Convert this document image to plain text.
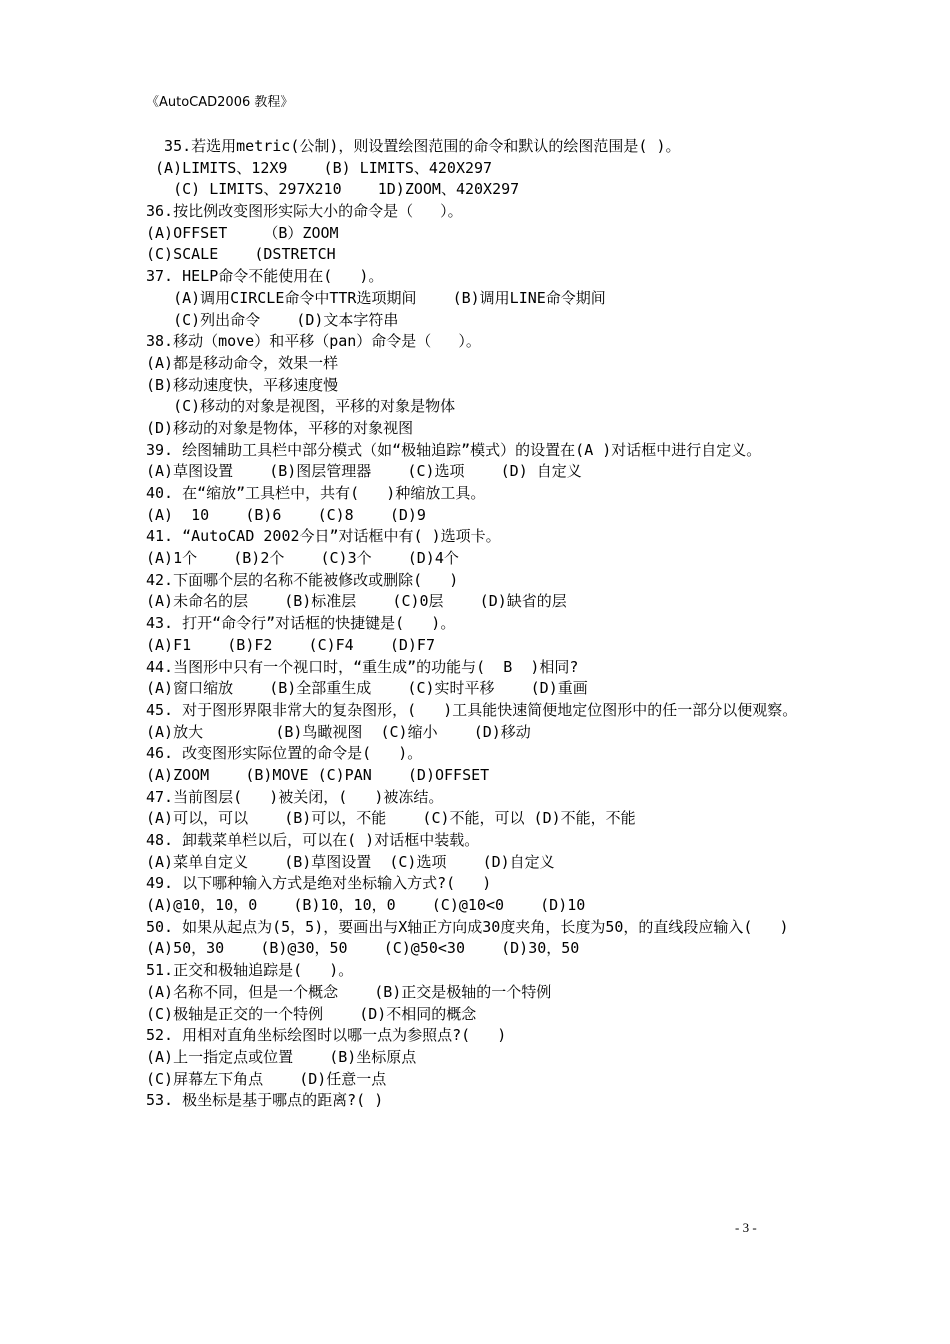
《AutoCAD2006 教程》
35.若选用metric(公制)，则设置绘图范围的命令和默认的绘图范围是( )。
(A)LIMITS、12X9    (B) LIMITS、420X297
(C) LIMITS、297X210    1D)ZOOM、420X297
36.按比例改变图形实际大小的命令是（   ）。
(A)OFFSET    （B）ZOOM
(C)SCALE    (DSTRETCH
37. HELP命令不能使用在(   )。
(A)调用CIRCLE命令中TTR选项期间    (B)调用LINE命令期间
(C)列出命令    (D)文本字符串
38.移动（move）和平移（pan）命令是（   ）。
(A)都是移动命令，效果一样
(B)移动速度快，平移速度慢
(C)移动的对象是视图，平移的对象是物体
(D)移动的对象是物体，平移的对象视图
39. 绘图辅助工具栏中部分模式（如“极轴追踪”模式）的设置在(A )对话框中进行自定义。
(A)草图设置    (B)图层管理器    (C)选项    (D) 自定义
40. 在“缩放”工具栏中，共有(   )种缩放工具。
(A)  10    (B)6    (C)8    (D)9
41. “AutoCAD 2002今日”对话框中有( )选项卡。
(A)1个    (B)2个    (C)3个    (D)4个
42.下面哪个层的名称不能被修改或删除(   )
(A)未命名的层    (B)标准层    (C)0层    (D)缺省的层
43. 打开“命令行”对话框的快捷键是(   )。
(A)F1    (B)F2    (C)F4    (D)F7
44.当图形中只有一个视口时，“重生成”的功能与(  B  )相同?
(A)窗口缩放    (B)全部重生成    (C)实时平移    (D)重画
45. 对于图形界限非常大的复杂图形，(   )工具能快速简便地定位图形中的任一部分以便观察。
(A)放大        (B)鸟瞰视图  (C)缩小    (D)移动
46. 改变图形实际位置的命令是(   )。
(A)ZOOM    (B)MOVE (C)PAN    (D)OFFSET
47.当前图层(   )被关闭，(   )被冻结。
(A)可以，可以    (B)可以，不能    (C)不能，可以 (D)不能，不能
48. 卸载菜单栏以后，可以在( )对话框中装载。
(A)菜单自定义    (B)草图设置  (C)选项    (D)自定义
49. 以下哪种输入方式是绝对坐标输入方式?(   )
(A)@10，10，0    (B)10，10，0    (C)@10<0    (D)10
50. 如果从起点为(5，5)，要画出与X轴正方向成30度夹角，长度为50，的直线段应输入(   )
(A)50，30    (B)@30，50    (C)@50<30    (D)30，50
51.正交和极轴追踪是(   )。
(A)名称不同，但是一个概念    (B)正交是极轴的一个特例
(C)极轴是正交的一个特例    (D)不相同的概念
52. 用相对直角坐标绘图时以哪一点为参照点?(   )
(A)上一指定点或位置    (B)坐标原点
(C)屏幕左下角点    (D)任意一点
53. 极坐标是基于哪点的距离?( )
- 3 -
